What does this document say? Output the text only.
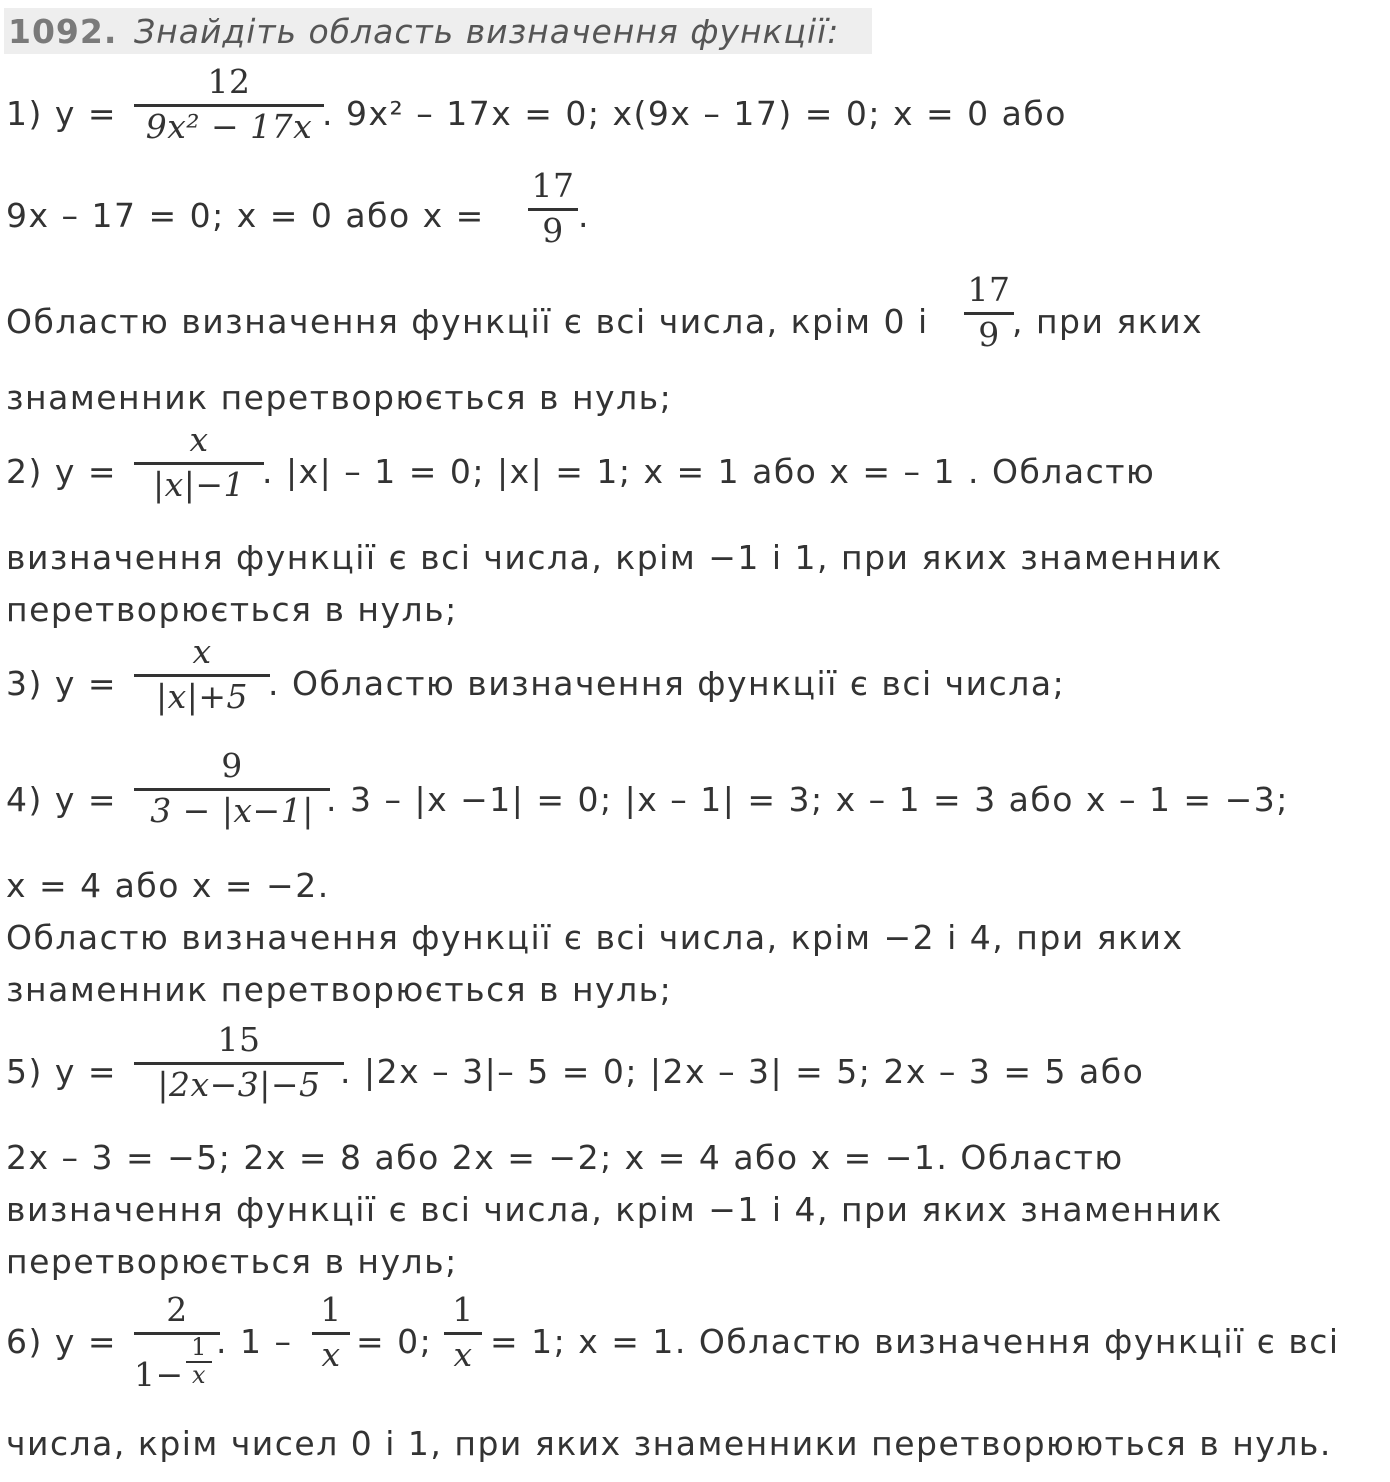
1092. Знайдіть область визначення функції:
1) y =
12
9x² − 17x . 9x² – 17x = 0; x(9x – 17) = 0; x = 0 або
9x – 17 = 0; x = 0 або x =
17
9 .
Областю визначення функції є всі числа, крім 0 і
17
9 , при яких
знаменник перетворюється в нуль;
2) y =
x
|x|−1 . |x| – 1 = 0; |x| = 1; x = 1 або x = – 1 . Областю
визначення функції є всі числа, крім −1 і 1, при яких знаменник
перетворюється в нуль;
3) y =
x
|x|+5 . Областю визначення функції є всі числа;
4) y =
9
3 − |x−1| . 3 – |x −1| = 0; |x – 1| = 3; x – 1 = 3 або x – 1 = −3;
x = 4 або x = −2.
Областю визначення функції є всі числа, крім −2 і 4, при яких
знаменник перетворюється в нуль;
5) y =
15
|2x−3|−5 . |2x – 3|– 5 = 0; |2x – 3| = 5; 2x – 3 = 5 або
2x – 3 = −5; 2x = 8 або 2x = −2; x = 4 або x = −1. Областю
визначення функції є всі числа, крім −1 і 4, при яких знаменник
перетворюється в нуль;
6) y =
2
1−
1
x
. 1 –
1
x = 0;
1
x = 1; x = 1. Областю визначення функції є всі
числа, крім чисел 0 і 1, при яких знаменники перетворюються в нуль.
